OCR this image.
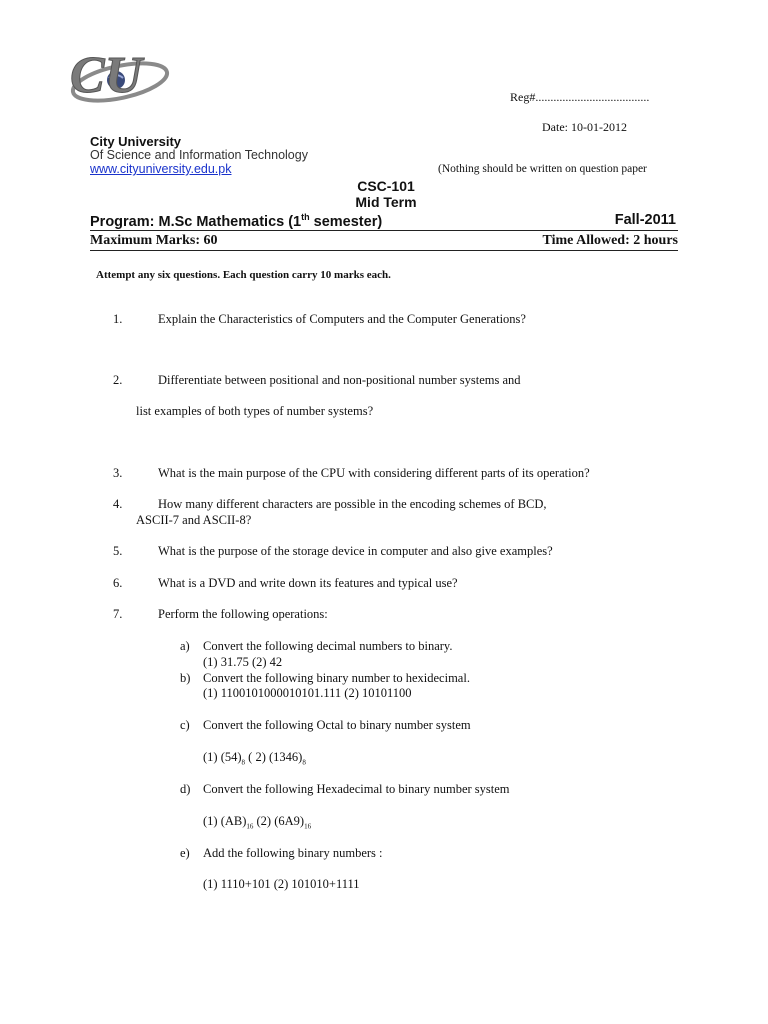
CU	Reg#......................................
Date: 10-01-2012
City University
Of Science and Information Technology
www.cityuniversity.edu.pk	(Nothing should be written on question paper
CSC-101
Mid Term
Program: M.Sc Mathematics (1th semester)	Fall-2011
Maximum Marks: 60	Time Allowed: 2 hours
Attempt any six questions. Each question carry 10 marks each.
1.	Explain the Characteristics of Computers and the Computer Generations?
2.	Differentiate between positional and non-positional number systems and
list examples of both types of number systems?
3.	What is the main purpose of the CPU with considering different parts of its operation?
4.	How many different characters are possible in the encoding schemes of BCD,
ASCII-7 and ASCII-8?
5.	What is the purpose of the storage device in computer and also give examples?
6.	What is a DVD and write down its features and typical use?
7.	Perform the following operations:
a) Convert the following decimal numbers to binary.
(1) 31.75 (2) 42
b) Convert the following binary number to hexidecimal.
(1) 1100101000010101.111 (2) 10101100
c) Convert the following Octal to binary number system
(1) $(54)_8$ ( 2) $(1346)_8$
d) Convert the following Hexadecimal to binary number system
(1) $(AB)_{16}$ (2) $(6A9)_{16}$
e) Add the following binary numbers :
(1) 1110+101 (2) 101010+1111
